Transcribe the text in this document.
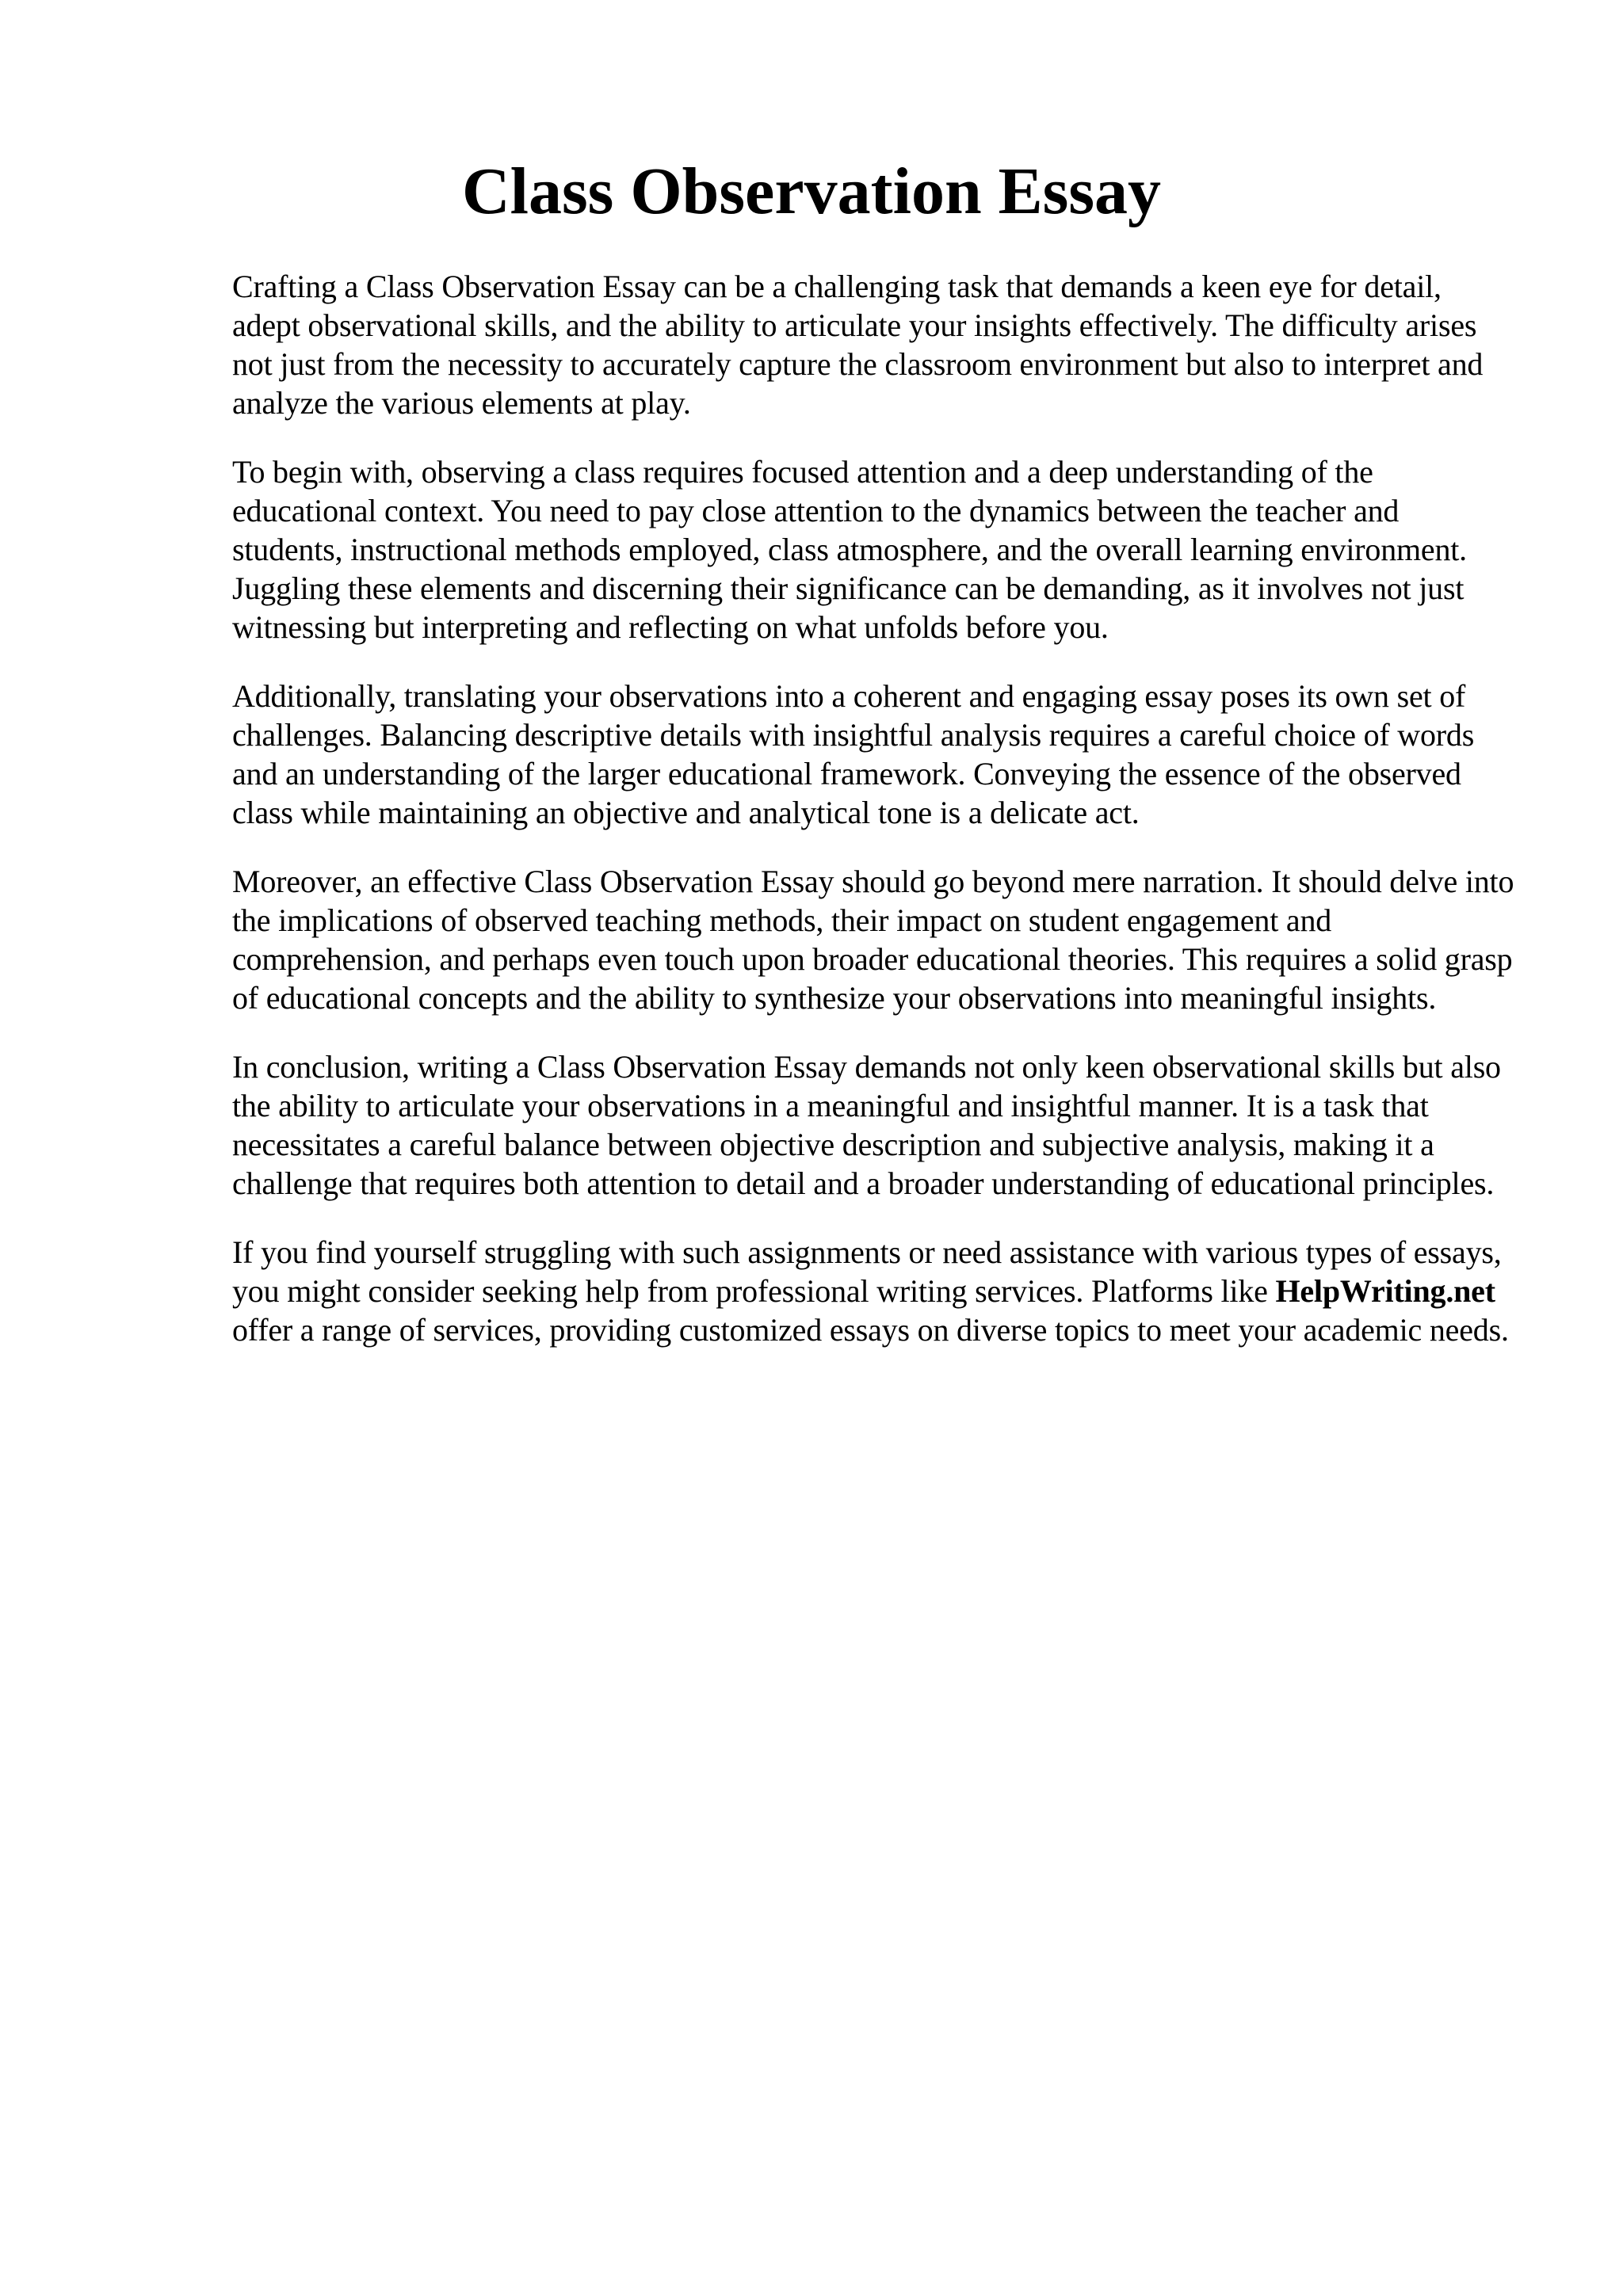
Class Observation Essay

Crafting a Class Observation Essay can be a challenging task that demands a keen eye for detail, adept observational skills, and the ability to articulate your insights effectively. The difficulty arises not just from the necessity to accurately capture the classroom environment but also to interpret and analyze the various elements at play.

To begin with, observing a class requires focused attention and a deep understanding of the educational context. You need to pay close attention to the dynamics between the teacher and students, instructional methods employed, class atmosphere, and the overall learning environment. Juggling these elements and discerning their significance can be demanding, as it involves not just witnessing but interpreting and reflecting on what unfolds before you.

Additionally, translating your observations into a coherent and engaging essay poses its own set of challenges. Balancing descriptive details with insightful analysis requires a careful choice of words and an understanding of the larger educational framework. Conveying the essence of the observed class while maintaining an objective and analytical tone is a delicate act.

Moreover, an effective Class Observation Essay should go beyond mere narration. It should delve into the implications of observed teaching methods, their impact on student engagement and comprehension, and perhaps even touch upon broader educational theories. This requires a solid grasp of educational concepts and the ability to synthesize your observations into meaningful insights.

In conclusion, writing a Class Observation Essay demands not only keen observational skills but also the ability to articulate your observations in a meaningful and insightful manner. It is a task that necessitates a careful balance between objective description and subjective analysis, making it a challenge that requires both attention to detail and a broader understanding of educational principles.

If you find yourself struggling with such assignments or need assistance with various types of essays, you might consider seeking help from professional writing services. Platforms like HelpWriting.net offer a range of services, providing customized essays on diverse topics to meet your academic needs.
